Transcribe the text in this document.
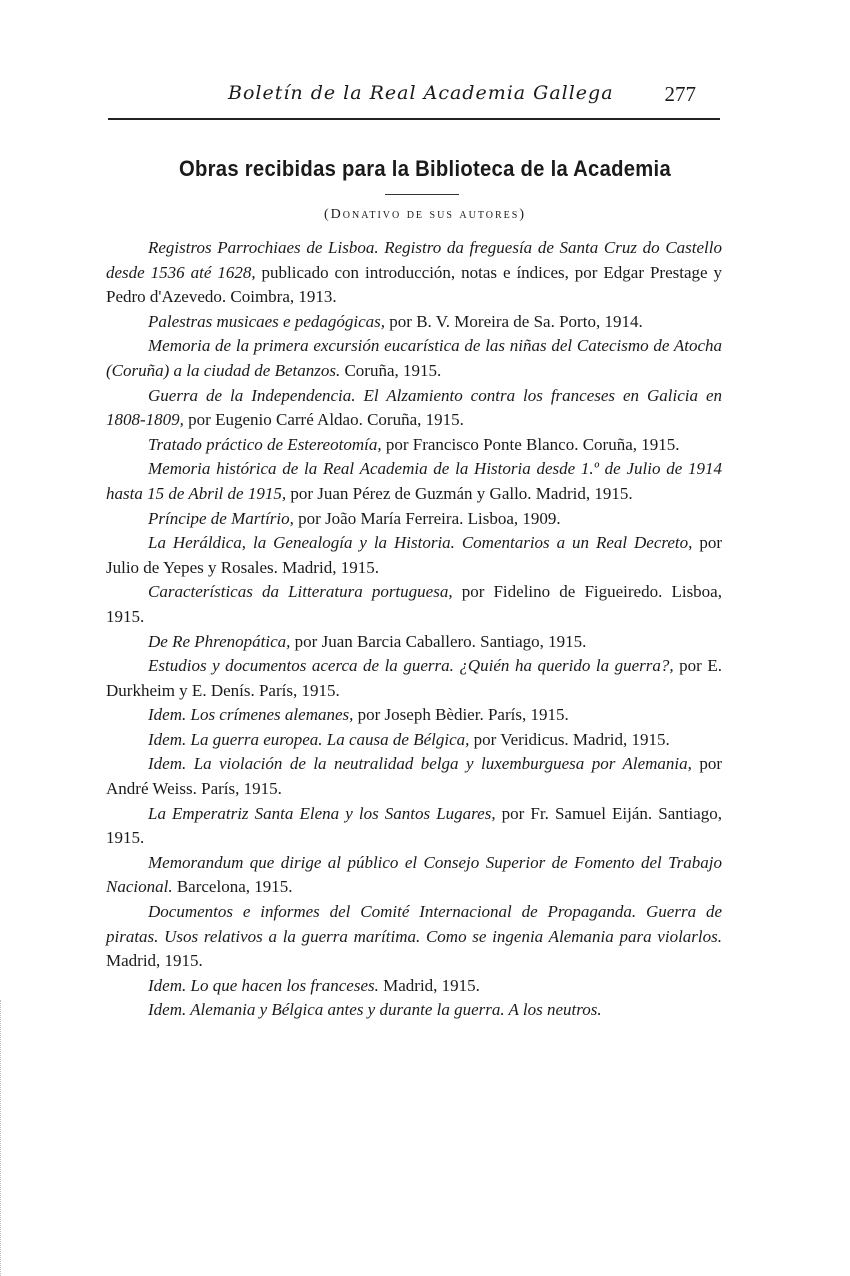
Boletín de la Real Academia Gallega 277
Obras recibidas para la Biblioteca de la Academia
(Donativo de sus autores)

Registros Parrochiaes de Lisboa. Registro da freguesía de Santa Cruz do Castello desde 1536 até 1628, publicado con introducción, notas e índices, por Edgar Prestage y Pedro d'Azevedo. Coimbra, 1913.

Palestras musicaes e pedagógicas, por B. V. Moreira de Sa. Porto, 1914.

Memoria de la primera excursión eucarística de las niñas del Catecismo de Atocha (Coruña) a la ciudad de Betanzos. Coruña, 1915.

Guerra de la Independencia. El Alzamiento contra los franceses en Galicia en 1808-1809, por Eugenio Carré Aldao. Coruña, 1915.

Tratado práctico de Estereotomía, por Francisco Ponte Blanco. Coruña, 1915.

Memoria histórica de la Real Academia de la Historia desde 1.º de Julio de 1914 hasta 15 de Abril de 1915, por Juan Pérez de Guzmán y Gallo. Madrid, 1915.

Príncipe de Martírio, por João María Ferreira. Lisboa, 1909.

La Heráldica, la Genealogía y la Historia. Comentarios a un Real Decreto, por Julio de Yepes y Rosales. Madrid, 1915.

Características da Litteratura portuguesa, por Fidelino de Figueiredo. Lisboa, 1915.

De Re Phrenopática, por Juan Barcia Caballero. Santiago, 1915.

Estudios y documentos acerca de la guerra. ¿Quién ha querido la guerra?, por E. Durkheim y E. Denís. París, 1915.

Idem. Los crímenes alemanes, por Joseph Bèdier. París, 1915.

Idem. La guerra europea. La causa de Bélgica, por Veridicus. Madrid, 1915.

Idem. La violación de la neutralidad belga y luxemburguesa por Alemania, por André Weiss. París, 1915.

La Emperatriz Santa Elena y los Santos Lugares, por Fr. Samuel Eiján. Santiago, 1915.

Memorandum que dirige al público el Consejo Superior de Fomento del Trabajo Nacional. Barcelona, 1915.

Documentos e informes del Comité Internacional de Propaganda. Guerra de piratas. Usos relativos a la guerra marítima. Como se ingenia Alemania para violarlos. Madrid, 1915.

Idem. Lo que hacen los franceses. Madrid, 1915.

Idem. Alemania y Bélgica antes y durante la guerra. A los neutros.
